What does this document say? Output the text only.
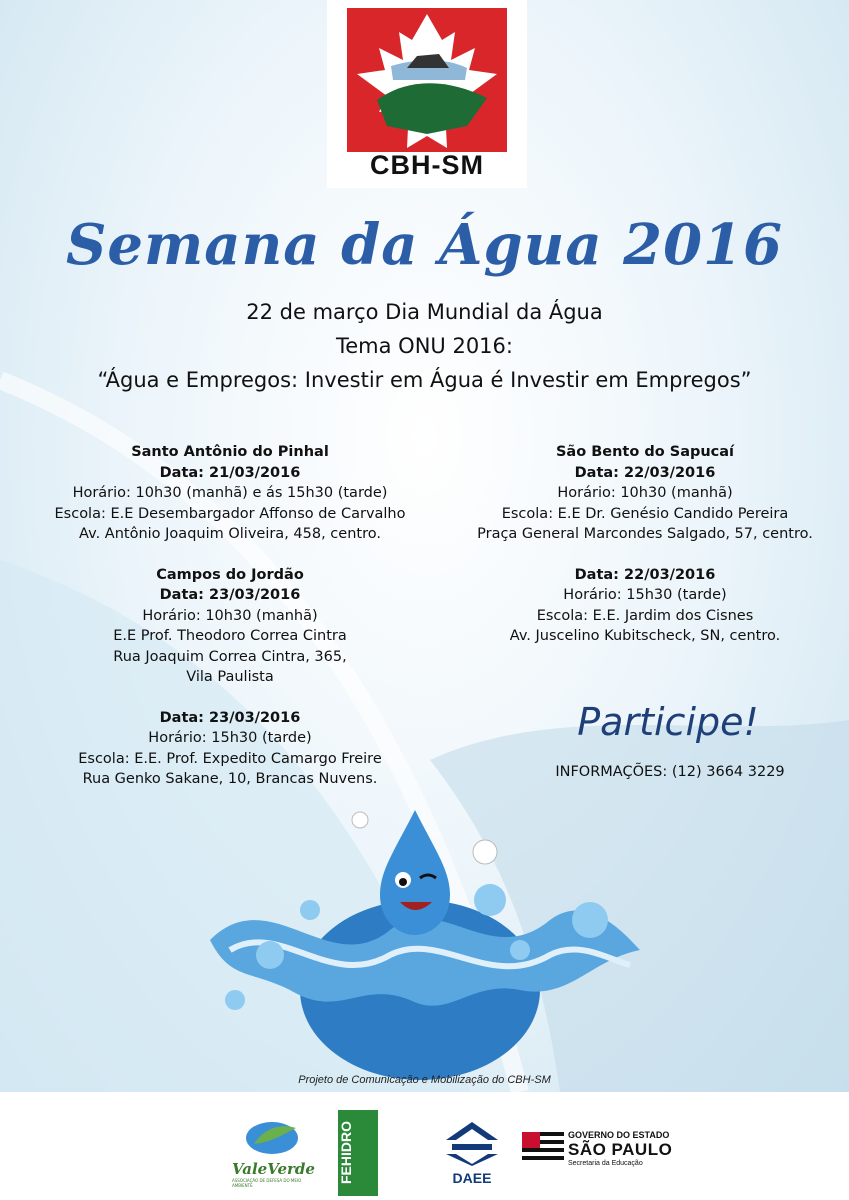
CBH-SM
Semana da Água 2016
22 de março Dia Mundial da Água
Tema ONU 2016:
“Água e Empregos: Investir em Água é Investir em Empregos”
Santo Antônio do Pinhal
Data: 21/03/2016
Horário: 10h30 (manhã) e ás 15h30 (tarde)
Escola: E.E Desembargador Affonso de Carvalho
Av. Antônio Joaquim Oliveira, 458, centro.
Campos do Jordão
Data: 23/03/2016
Horário: 10h30 (manhã)
E.E Prof. Theodoro Correa Cintra
Rua Joaquim Correa Cintra, 365,
Vila Paulista
Data: 23/03/2016
Horário: 15h30 (tarde)
Escola: E.E. Prof. Expedito Camargo Freire
Rua Genko Sakane, 10, Brancas Nuvens.
São Bento do Sapucaí
Data: 22/03/2016
Horário: 10h30 (manhã)
Escola: E.E Dr. Genésio Candido Pereira
Praça General Marcondes Salgado, 57, centro.
Data: 22/03/2016
Horário: 15h30 (tarde)
Escola: E.E. Jardim dos Cisnes
Av. Juscelino Kubitscheck, SN, centro.
Participe!
INFORMAÇÕES: (12) 3664 3229
Projeto de Comunicação e Mobilização do CBH-SM
ValeVerde
ASSOCIAÇÃO DE DEFESA DO MEIO AMBIENTE
FEHIDRO	DAEE
GOVERNO DO ESTADO
SÃO PAULO
Secretaria da Educação
